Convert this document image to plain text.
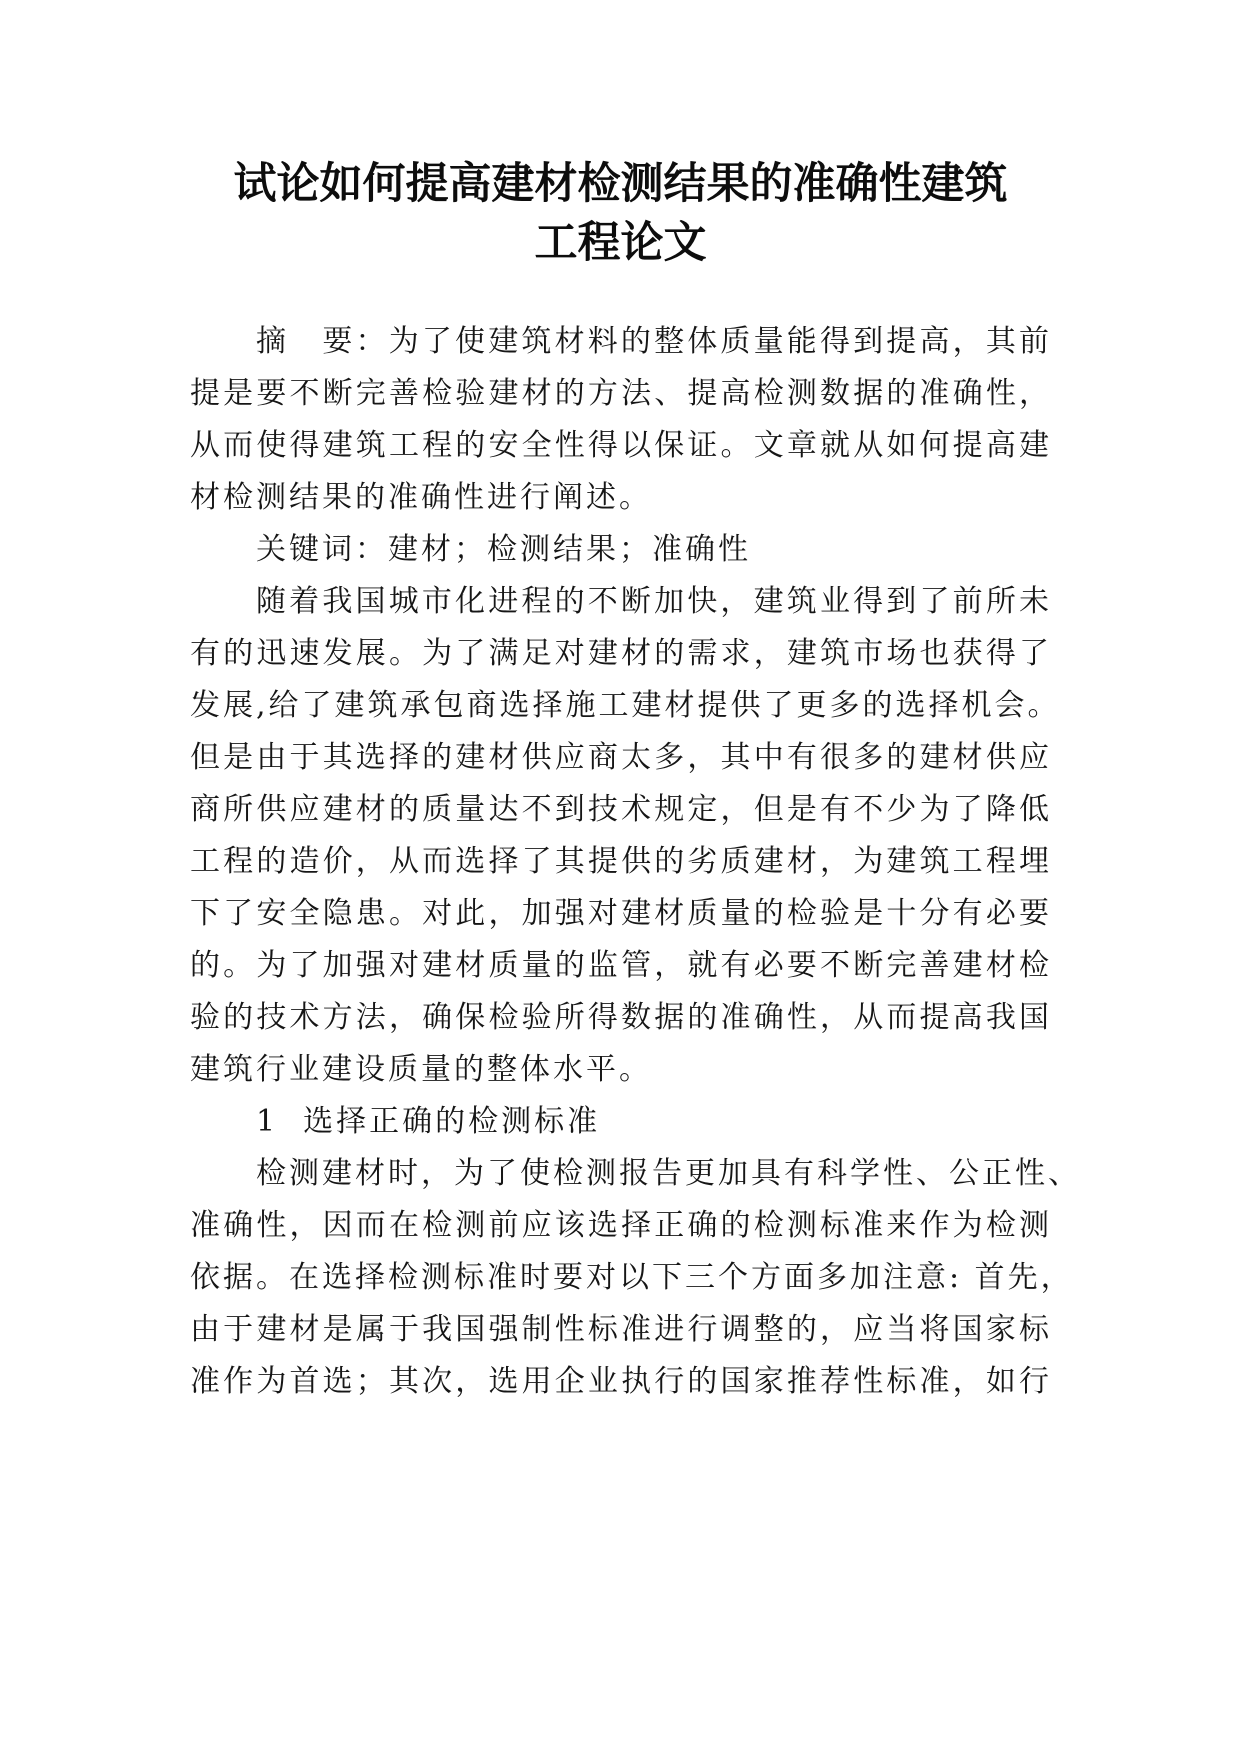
试论如何提高建材检测结果的准确性建筑
工程论文
摘　要：为了使建筑材料的整体质量能得到提高，其前
提是要不断完善检验建材的方法、提高检测数据的准确性，
从而使得建筑工程的安全性得以保证。文章就从如何提高建
材检测结果的准确性进行阐述。
关键词：建材；检测结果；准确性
随着我国城市化进程的不断加快，建筑业得到了前所未
有的迅速发展。为了满足对建材的需求，建筑市场也获得了
发展,给了建筑承包商选择施工建材提供了更多的选择机会。
但是由于其选择的建材供应商太多，其中有很多的建材供应
商所供应建材的质量达不到技术规定，但是有不少为了降低
工程的造价，从而选择了其提供的劣质建材，为建筑工程埋
下了安全隐患。对此，加强对建材质量的检验是十分有必要
的。为了加强对建材质量的监管，就有必要不断完善建材检
验的技术方法，确保检验所得数据的准确性，从而提高我国
建筑行业建设质量的整体水平。
1  选择正确的检测标准
检测建材时，为了使检测报告更加具有科学性、公正性、
准确性，因而在检测前应该选择正确的检测标准来作为检测
依据。在选择检测标准时要对以下三个方面多加注意: 首先，
由于建材是属于我国强制性标准进行调整的，应当将国家标
准作为首选；其次，选用企业执行的国家推荐性标准，如行
